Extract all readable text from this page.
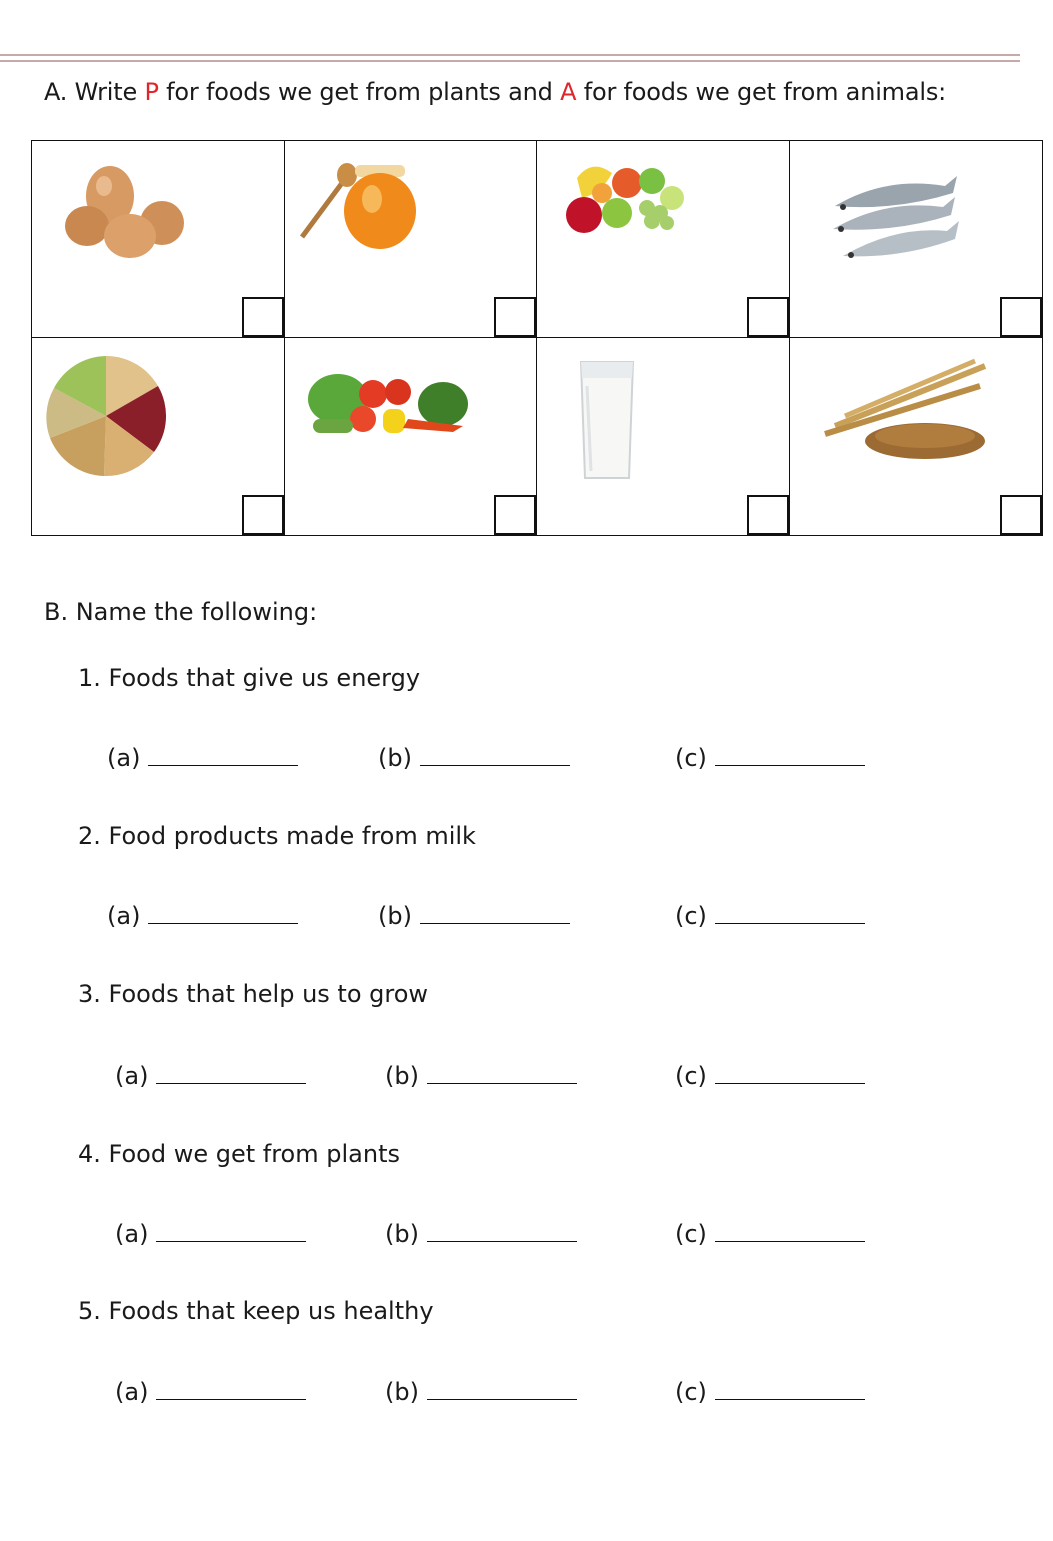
A. Write P for foods we get from plants and A for foods we get from animals:
B. Name the following:
1. Foods that give us energy
(a)	(b)	(c)
2. Food products made from milk
(a)	(b)	(c)
3. Foods that help us to grow
(a)	(b)	(c)
4. Food we get from plants
(a)	(b)	(c)
5. Foods that keep us healthy
(a)	(b)	(c)
